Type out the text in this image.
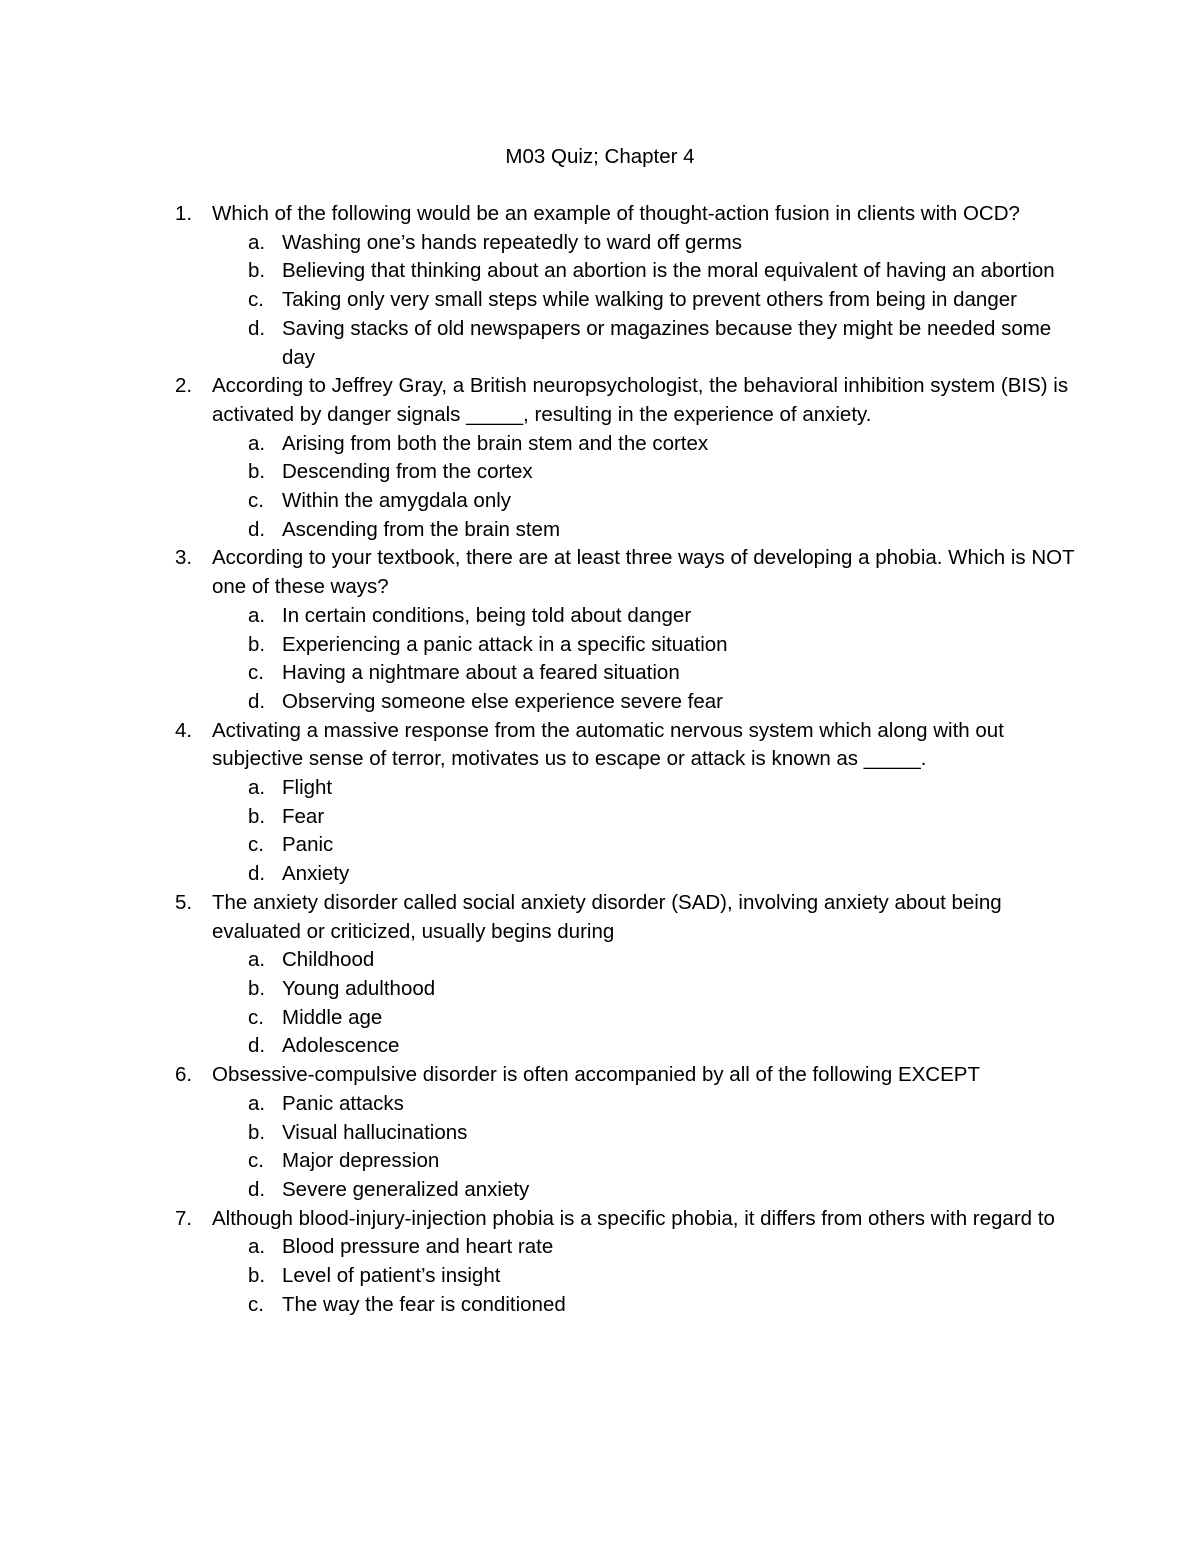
M03 Quiz; Chapter 4
1. Which of the following would be an example of thought-action fusion in clients with OCD?
a. Washing one’s hands repeatedly to ward off germs
b. Believing that thinking about an abortion is the moral equivalent of having an abortion
c. Taking only very small steps while walking to prevent others from being in danger
d. Saving stacks of old newspapers or magazines because they might be needed some day
2. According to Jeffrey Gray, a British neuropsychologist, the behavioral inhibition system (BIS) is activated by danger signals _____, resulting in the experience of anxiety.
a. Arising from both the brain stem and the cortex
b. Descending from the cortex
c. Within the amygdala only
d. Ascending from the brain stem
3. According to your textbook, there are at least three ways of developing a phobia. Which is NOT one of these ways?
a. In certain conditions, being told about danger
b. Experiencing a panic attack in a specific situation
c. Having a nightmare about a feared situation
d. Observing someone else experience severe fear
4. Activating a massive response from the automatic nervous system which along with out subjective sense of terror, motivates us to escape or attack is known as _____.
a. Flight
b. Fear
c. Panic
d. Anxiety
5. The anxiety disorder called social anxiety disorder (SAD), involving anxiety about being evaluated or criticized, usually begins during
a. Childhood
b. Young adulthood
c. Middle age
d. Adolescence
6. Obsessive-compulsive disorder is often accompanied by all of the following EXCEPT
a. Panic attacks
b. Visual hallucinations
c. Major depression
d. Severe generalized anxiety
7. Although blood-injury-injection phobia is a specific phobia, it differs from others with regard to
a. Blood pressure and heart rate
b. Level of patient’s insight
c. The way the fear is conditioned
